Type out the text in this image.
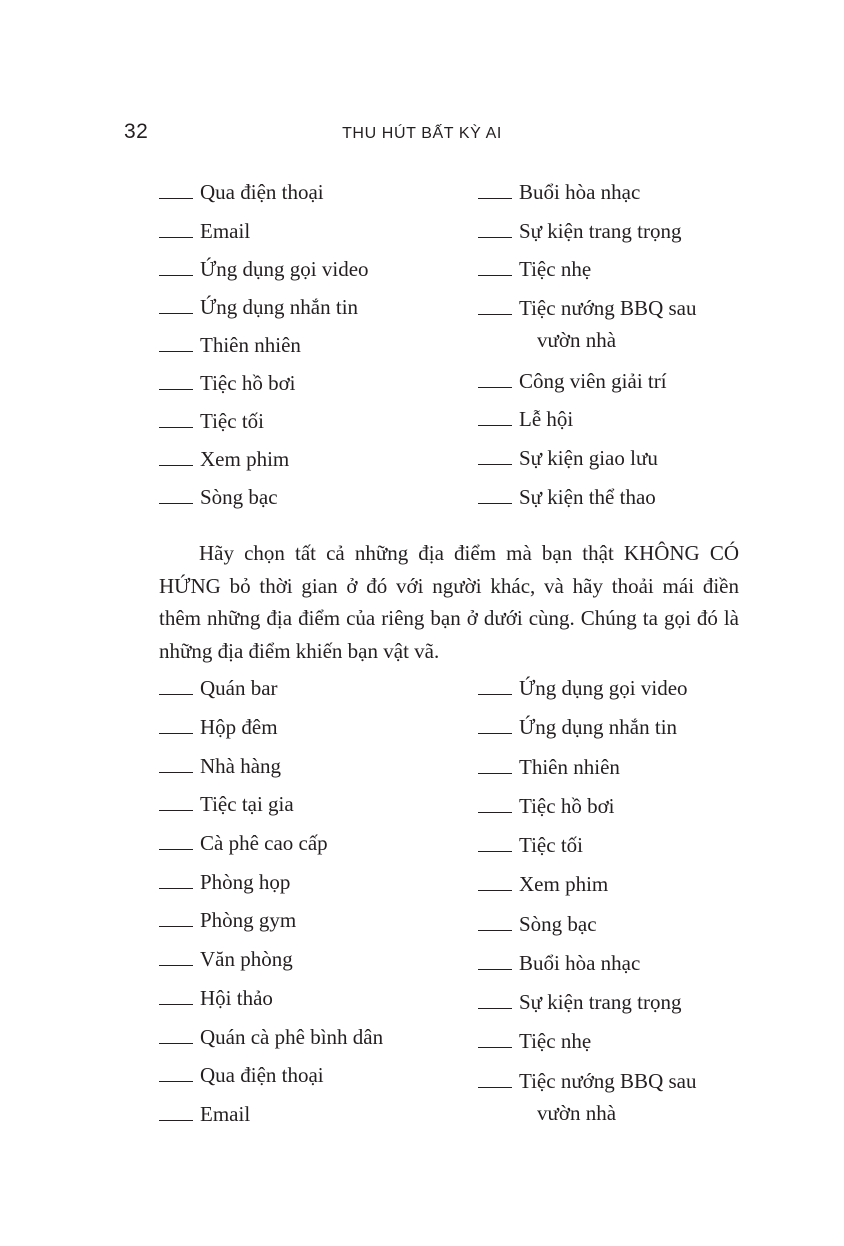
32	THU HÚT BẤT KỲ AI
Qua điện thoại
Email
Ứng dụng gọi video
Ứng dụng nhắn tin
Thiên nhiên
Tiệc hồ bơi
Tiệc tối
Xem phim
Sòng bạc
Buổi hòa nhạc
Sự kiện trang trọng
Tiệc nhẹ
Tiệc nướng BBQ sau
vườn nhà
Công viên giải trí
Lễ hội
Sự kiện giao lưu
Sự kiện thể thao

Hãy chọn tất cả những địa điểm mà bạn thật KHÔNG CÓ HỨNG bỏ thời gian ở đó với người khác, và hãy thoải mái điền thêm những địa điểm của riêng bạn ở dưới cùng. Chúng ta gọi đó là những địa điểm khiến bạn vật vã.

Quán bar
Hộp đêm
Nhà hàng
Tiệc tại gia
Cà phê cao cấp
Phòng họp
Phòng gym
Văn phòng
Hội thảo
Quán cà phê bình dân
Qua điện thoại
Email
Ứng dụng gọi video
Ứng dụng nhắn tin
Thiên nhiên
Tiệc hồ bơi
Tiệc tối
Xem phim
Sòng bạc
Buổi hòa nhạc
Sự kiện trang trọng
Tiệc nhẹ
Tiệc nướng BBQ sau
vườn nhà
